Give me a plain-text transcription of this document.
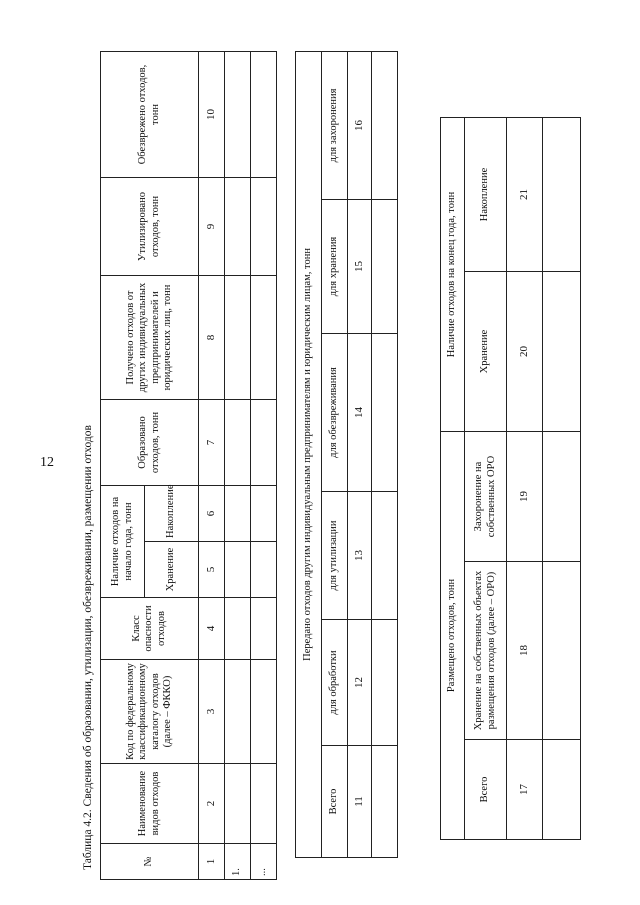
12 Таблица 4.2. Сведения об образовании, утилизации, обезвреживании, размещении отходов	№	Наименование видов отходов	Код по федеральному классификационному каталогу отходов (далее – ФККО)	Класс опасности отходов	Наличие отходов на начало года, тонн		Образовано отходов, тонн	Получено отходов от других индивидуальных предпринимателей и юридических лиц, тонн	Утилизировано отходов, тонн	Обезврежено отходов, тонн
				Хранение	Накопление				
1	2	3	4	5	6	7	8	9	10
1.									
...									
Передано отходов другим индивидуальным предпринимателям и юридическим лицам, тонн					
Всего	для обработки	для утилизации	для обезвреживания	для хранения	для захоронения
11	12	13	14	15	16

Размещено отходов, тонн			Наличие отходов на конец года, тонн	
Всего	Хранение на собственных объектах размещения отходов (далее – ОРО)	Захоронение на собственных ОРО	Хранение	Накопление
17	18	19	20	21
